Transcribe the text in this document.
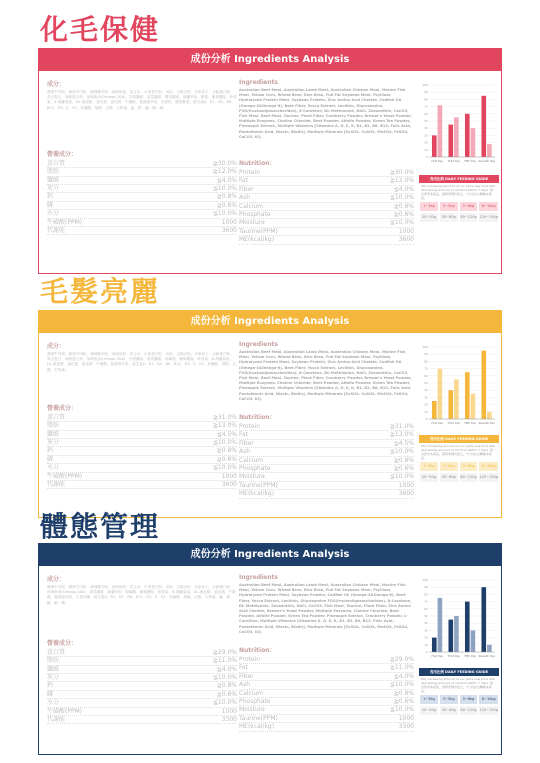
化毛保健
成份分析 Ingredients Analysis
成分：
澳洲牛肉粉、澳洲羊肉粉、澳洲雞肉粉、深海魚粉、黃玉米、小麥蛋白粉、米粉、全脂豆粉、洋車前子、水解蛋白粉、黃豆蛋白、海鮮蛋白粉、深海魚油(Omega-3&6)、鳥梨纖維、甜菜纖維、膳食纖維、絲蘭萃取、酵素、葡萄糖胺、軟骨素、β-胡蘿蔔素、DL-蛋氨酸、氯化鈉、氯化鉀、牛磺酸、蔓越莓萃取、苜蓿粉、鳳梨酵素、維生素A、B1、B2、B6、B12、D3、E、K3、菸鹼酸、葉酸、泛酸、生物素、錳、鋅、鐵、銅、碘。
營養成分：
蛋白質	≧30.0%
脂肪	≧12.0%
纖維	≦4.0%
灰分	≦10.0%
鈣	≧0.8%
磷	≧0.6%
水分	≦10.0%
牛磺酸(PPM)	1000
代謝能	3600
Ingredients
Australian Beef Meal, Australian Lamb Meal, Australian Chicken Meal, Marine Fish Meal, Yellow Corn, Wheat Bran, Rice Bran, Full Fat Soybean Meal, Psyllium, Hydrolyzed Protein Meal, Soybean Protein, Zinc Amino Acid Chelate, Codfish Oil (Omega-3&Omega-6), Beet Fiber, Yucca Extract, Lecithin, Glucosamine, FOS(fructooligosaccharides), β-Carotene, DL-Methionine, NaCl, Zeaxanthin, CaCO3, Fish Meal, Beef Meal, Taurine, Plant Fiber, Cranberry Powder, Brewer's Yeast Powder, Multiple Enzymes, Choline Chloride, Beet Powder, Alfalfa Powder, Green Tea Powder, Pineapple Extract, Multiple Vitamins [Vitamins A, D, E, K, B1, B2, B6, B12, Folic Acid, Pantothenic Acid, Niacin, Biotin], Multiple Minerals [ZnSO4, CuSO4, MnSO4, FeSO4, CaCO3, KI].
Nutrition：
Protein	≧30.0%
Fat	≧12.0%
Fiber	≦4.0%
Ash	≦10.0%
Calcium	≧0.8%
Phosphate	≧0.6%
Moisture	≦10.0%
Taurine(PPM)	1000
ME(kcal/kg)	3600
0
10
20
30
40
50
60
70
80
90
100
First Day Third Day Fifth Day Seventh Day
食用比例 DAILY FEEDING GUIDE
Mix increasing amount of our pet's new food with decreasing amount of old food within 7 days. 第一次使用本產品，請與原飼料混合，7日內完全轉換本產品。
1~3kg	3~5kg	5~8kg	8~10kg
20~50g	50~80g	80~120g 120~150g
毛髮亮麗
成份分析 Ingredients Analysis
成分：
澳洲牛肉粉、澳洲羊肉粉、澳洲雞肉粉、深海魚粉、黃玉米、小麥蛋白粉、米粉、全脂豆粉、洋車前子、水解蛋白粉、黃豆蛋白、海鮮蛋白粉、深海魚油(Omega-3&6)、鳥梨纖維、甜菜纖維、卵磷脂、葡萄糖胺、軟骨素、β-胡蘿蔔素、DL-蛋氨酸、氯化鈉、氯化鉀、牛磺酸、蔓越莓萃取、維生素A、B1、B2、B6、B12、D3、E、K3、菸鹼酸、葉酸、泛酸、生物素。
營養成分：
蛋白質	≧31.0%
脂肪	≧13.0%
纖維	≦4.5%
灰分	≦10.0%
鈣	≧0.8%
磷	≧0.6%
水分	≦10.0%
牛磺酸(PPM)	1000
代謝能	3600
Ingredients
Australian Beef Meal, Australian Lamb Meal, Australian Chicken Meal, Marine Fish Meal, Yellow Corn, Wheat Bran, Rice Bran, Full Fat Soybean Meal, Psyllium, Hydrolyzed Protein Meal, Soybean Protein, Zinc Amino Acid Chelate, Codfish Oil (Omega-3&Omega-6), Beet Fiber, Yucca Extract, Lecithin, Glucosamine, FOS(fructooligosaccharides), β-Carotene, DL-Methionine, NaCl, Zeaxanthin, CaCO3, Fish Meal, Beef Meal, Taurine, Plant Fiber, Cranberry Powder, Brewer's Yeast Powder, Multiple Enzymes, Choline Chloride, Beet Powder, Alfalfa Powder, Green Tea Powder, Pineapple Extract, Multiple Vitamins [Vitamins A, D, E, K, B1, B2, B6, B12, Folic Acid, Pantothenic Acid, Niacin, Biotin], Multiple Minerals [ZnSO4, CuSO4, MnSO4, FeSO4, CaCO3, KI].
Nutrition：
Protein	≧31.0%
Fat	≧13.0%
Fiber	≦4.5%
Ash	≦10.0%
Calcium	≧0.8%
Phosphate	≧0.6%
Moisture	≦10.0%
Taurine(PPM)	1000
ME(kcal/kg)	3600
0
10
20
30
40
50
60
70
80
90
100
First Day Third Day Fifth Day Seventh Day
食用比例 DAILY FEEDING GUIDE
Mix increasing amount of our pet's new food with decreasing amount of old food within 7 days. 第一次使用本產品，請與原飼料混合，7日內完全轉換本產品。
1~3kg	3~5kg	5~8kg	8~10kg
20~50g	50~80g	80~120g 120~150g
體態管理
成份分析 Ingredients Analysis
成分：
澳洲牛肉粉、澳洲羊肉粉、澳洲雞肉粉、深海魚粉、黃玉米、小麥蛋白粉、米粉、全脂豆粉、洋車前子、水解蛋白粉、深海魚油(Omega-3&6)、甜菜纖維、絲蘭萃取、卵磷脂、葡萄糖胺、軟骨素、β-胡蘿蔔素、DL-蛋氨酸、氯化鈉、牛磺酸、蔓越莓萃取、左旋肉鹼、維生素A、B1、B2、B6、B12、D3、E、K3、菸鹼酸、葉酸、泛酸、生物素、錳、鋅、鐵、銅、碘。
營養成分：
蛋白質	≧29.0%
脂肪	≧11.0%
纖維	≦4.0%
灰分	≦10.0%
鈣	≧0.8%
磷	≧0.6%
水分	≦10.0%
牛磺酸(PPM)	1000
代謝能	3300
Ingredients
Australian Beef Meal, Australian Lamb Meal, Australian Chicken Meal, Marine Fish Meal, Yellow Corn, Wheat Bran, Rice Bran, Full Fat Soybean Meal, Psyllium, Hydrolyzed Protein Meal, Soybean Protein, Codfish Oil (Omega-3&Omega-6), Beet Fiber, Yucca Extract, Lecithin, Glucosamine FOS(fructooligosaccharides), β-Carotene, DL-Methionine, Zeaxanthin, NaCl, CaCO3, Fish Meal, Taurine, Plant Fiber, Zinc Amino Acid Chelate, Brewer's Yeast Powder, Multiple Enzymes, Choline Chloride, Beet Powder, Alfalfa Powder, Green Tea Powder, Pineapple Extract, Cranberry Powder, L-Carnitine, Multiple Vitamins [Vitamins A, D, E, K, B1, B2, B6, B12, Folic Acid, Pantothenic Acid, Niacin, Biotin], Multiple Minerals [ZnSO4, CuSO4, MnSO4, FeSO4, CaCO3, KI].
Nutrition：
Protein	≧29.0%
Fat	≧11.0%
Fiber	≦4.0%
Ash	≦10.0%
Calcium	≧0.8%
Phosphate	≧0.6%
Moisture	≦10.0%
Taurine(PPM)	1000
ME(kcal/kg)	3300
0
10
20
30
40
50
60
70
80
90
100
First Day Third Day Fifth Day Seventh Day
食用比例 DAILY FEEDING GUIDE
Mix increasing amount of our pet's new food with decreasing amount of old food within 7 days. 第一次使用本產品，請與原飼料混合，7日內完全轉換本產品。
1~3kg	3~5kg	5~8kg	8~10kg
20~50g	50~80g	80~120g 120~150g
